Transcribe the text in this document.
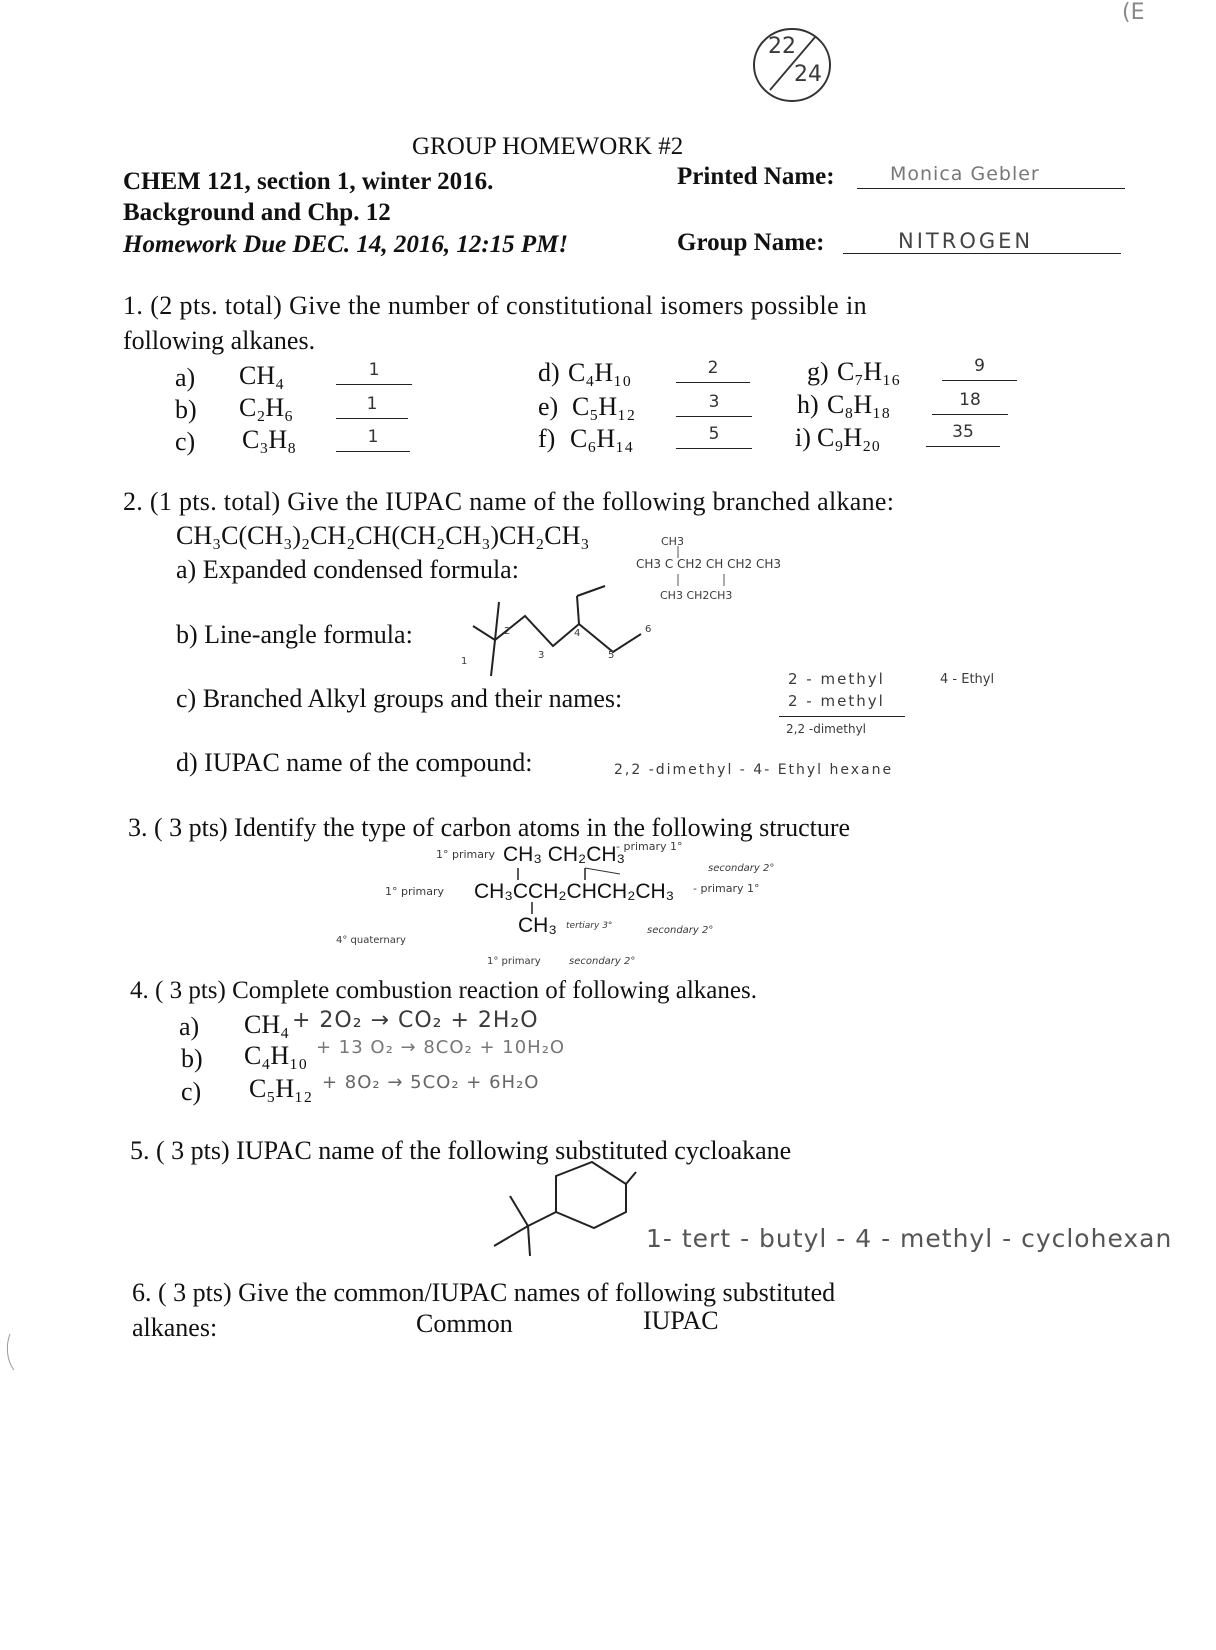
(E
22
24
GROUP HOMEWORK #2
CHEM 121, section 1, winter 2016.
Background and Chp. 12
Homework Due DEC. 14, 2016, 12:15 PM!
Printed Name:	Monica Gebler
Group Name:	NITROGEN
1. (2 pts. total) Give the number of constitutional isomers possible in
following alkanes.
a) CH₄	1
b) C₂H₆	1
c) C₃H₈	1
d) C₄H₁₀	2
e) C₅H₁₂	3
f) C₆H₁₄	5
g) C₇H₁₆	9
h) C₈H₁₈	18
i) C₉H₂₀	35
2. (1 pts. total) Give the IUPAC name of the following branched alkane:
CH₃C(CH₃)₂CH₂CH(CH₂CH₃)CH₂CH₃
a) Expanded condensed formula:
CH3
CH3 C CH2 CH CH2 CH3
CH3 CH2CH3
b) Line-angle formula:
1
2
3
4
5
6
c) Branched Alkyl groups and their names:
2 - methyl
2 - methyl
4 - Ethyl
2,2 -dimethyl
d) IUPAC name of the compound:	2,2 -dimethyl - 4- Ethyl hexane
3. ( 3 pts) Identify the type of carbon atoms in the following structure
CH₃ CH₂CH₃
CH₃CCH₂CHCH₂CH₃
CH₃
1° primary
- primary 1°
secondary 2°
1° primary	- primary 1°
4° quaternary
tertiary 3°	secondary 2°
1° primary	secondary 2°
4. ( 3 pts) Complete combustion reaction of following alkanes.
a) CH₄ + 2O₂ → CO₂ + 2H₂O
b) C₄H₁₀ + 13 O₂ → 8CO₂ + 10H₂O
c) C₅H₁₂ + 8O₂ → 5CO₂ + 6H₂O
5. ( 3 pts) IUPAC name of the following substituted cycloakane
1- tert - butyl - 4 - methyl - cyclohexan
6. ( 3 pts) Give the common/IUPAC names of following substituted
alkanes:	Common	IUPAC
